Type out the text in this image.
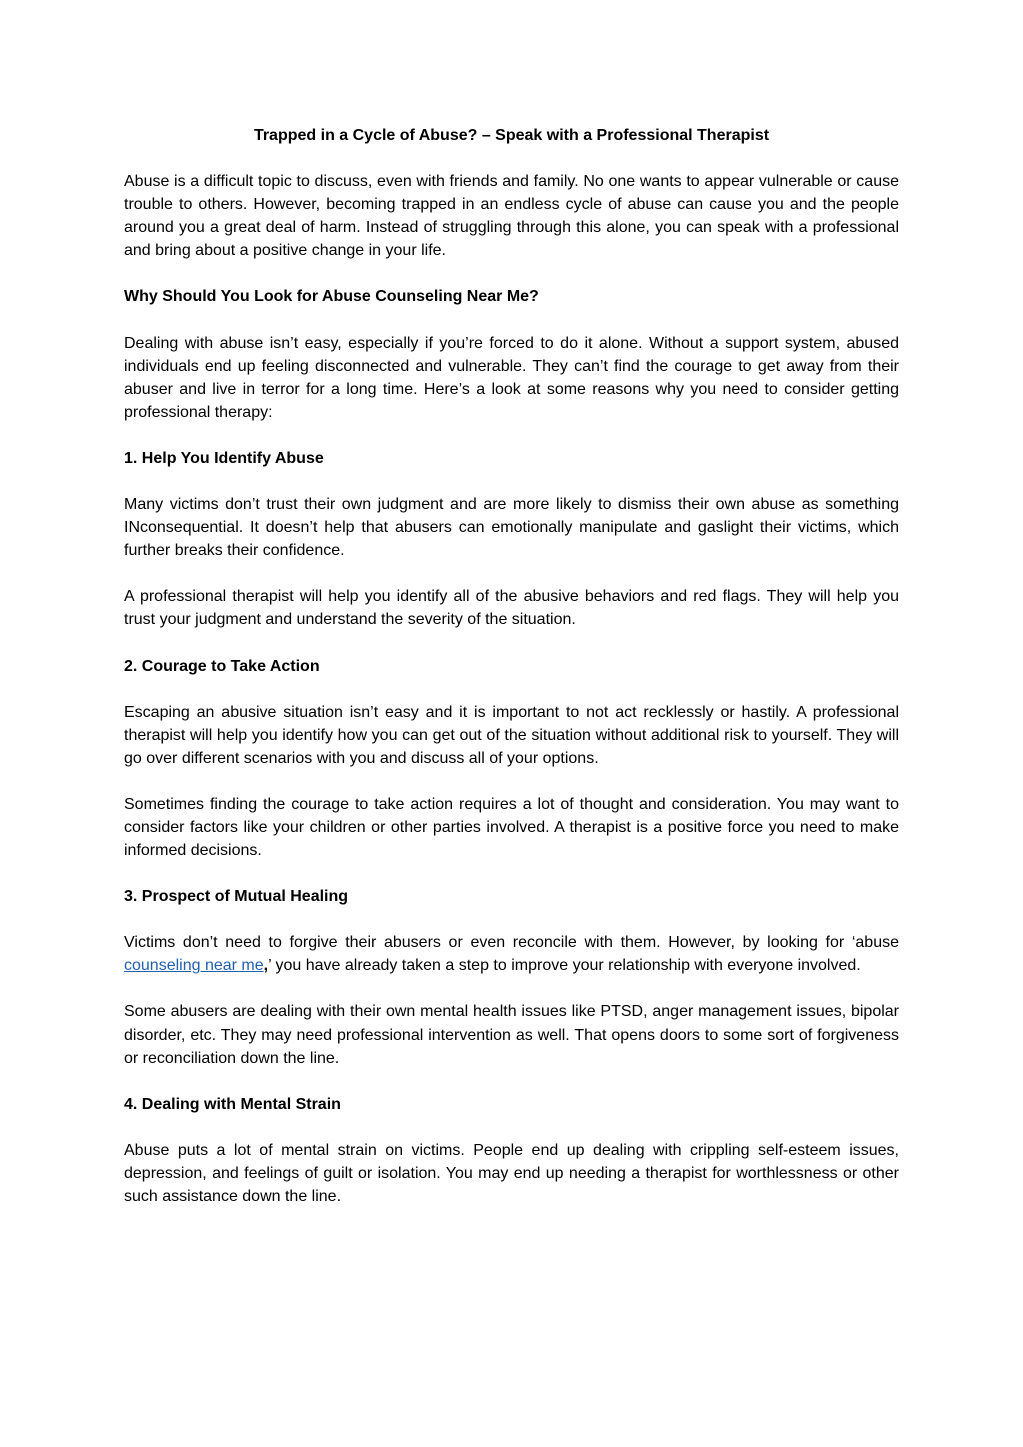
Trapped in a Cycle of Abuse? – Speak with a Professional Therapist
Abuse is a difficult topic to discuss, even with friends and family. No one wants to appear vulnerable or cause trouble to others. However, becoming trapped in an endless cycle of abuse can cause you and the people around you a great deal of harm. Instead of struggling through this alone, you can speak with a professional and bring about a positive change in your life.
Why Should You Look for Abuse Counseling Near Me?
Dealing with abuse isn’t easy, especially if you’re forced to do it alone. Without a support system, abused individuals end up feeling disconnected and vulnerable. They can’t find the courage to get away from their abuser and live in terror for a long time. Here’s a look at some reasons why you need to consider getting professional therapy:
1. Help You Identify Abuse
Many victims don’t trust their own judgment and are more likely to dismiss their own abuse as something INconsequential. It doesn’t help that abusers can emotionally manipulate and gaslight their victims, which further breaks their confidence.
A professional therapist will help you identify all of the abusive behaviors and red flags. They will help you trust your judgment and understand the severity of the situation.
2. Courage to Take Action
Escaping an abusive situation isn’t easy and it is important to not act recklessly or hastily. A professional therapist will help you identify how you can get out of the situation without additional risk to yourself. They will go over different scenarios with you and discuss all of your options.
Sometimes finding the courage to take action requires a lot of thought and consideration. You may want to consider factors like your children or other parties involved. A therapist is a positive force you need to make informed decisions.
3. Prospect of Mutual Healing
Victims don’t need to forgive their abusers or even reconcile with them. However, by looking for ‘abuse counseling near me,’ you have already taken a step to improve your relationship with everyone involved.
Some abusers are dealing with their own mental health issues like PTSD, anger management issues, bipolar disorder, etc. They may need professional intervention as well. That opens doors to some sort of forgiveness or reconciliation down the line.
4. Dealing with Mental Strain
Abuse puts a lot of mental strain on victims. People end up dealing with crippling self-esteem issues, depression, and feelings of guilt or isolation. You may end up needing a therapist for worthlessness or other such assistance down the line.
